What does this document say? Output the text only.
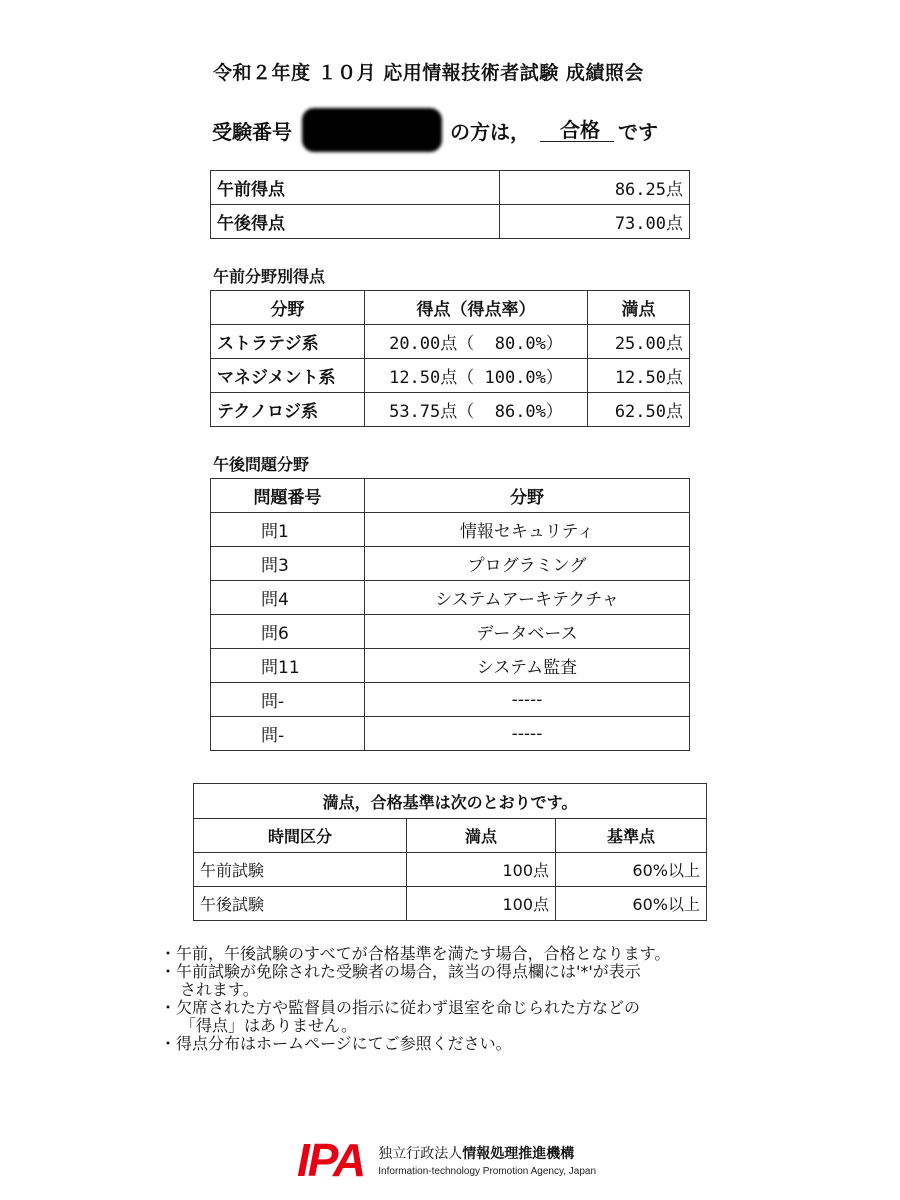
令和２年度 １０月 応用情報技術者試験 成績照会
受験番号	の方は，	合格 です
午前得点	86.25点
午後得点	73.00点
午前分野別得点
分野	得点（得点率）	満点
ストラテジ系	20.00点（  80.0%）	25.00点
マネジメント系	12.50点（ 100.0%）	12.50点
テクノロジ系	53.75点（  86.0%）	62.50点
午後問題分野
問題番号	分野
問1	情報セキュリティ
問3	プログラミング
問4	システムアーキテクチャ
問6	データベース
問11	システム監査
問-	-----
問-	-----
満点，合格基準は次のとおりです。		
時間区分	満点	基準点
午前試験	100点	60%以上
午後試験	100点	60%以上
・午前，午後試験のすべてが合格基準を満たす場合，合格となります。
・午前試験が免除された受験者の場合，該当の得点欄には'*'が表示
されます。
・欠席された方や監督員の指示に従わず退室を命じられた方などの
「得点」はありません。
・得点分布はホームページにてご参照ください。
IPA 独立行政法人情報処理推進機構
Information-technology Promotion Agency, Japan
